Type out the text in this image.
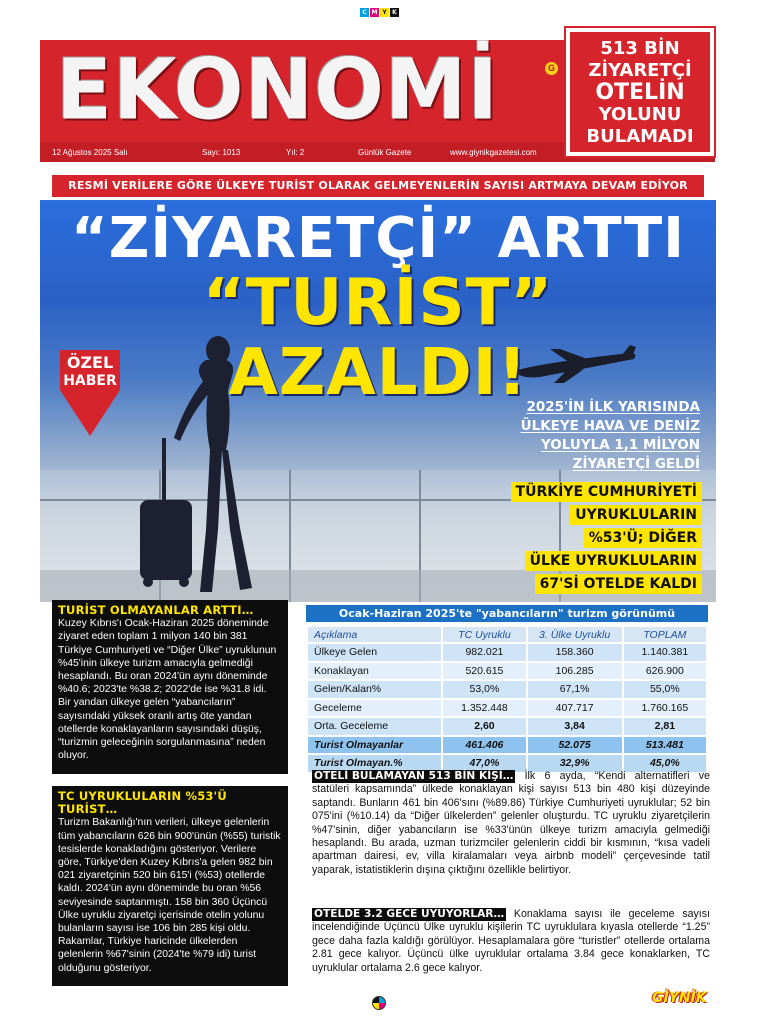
C M Y K
EKONOMİ	G
12 Ağustos 2025 Salı	Sayı: 1013	Yıl: 2	Günlük Gazete	www.giynikgazetesi.com
513 BİN
ZİYARETÇİ
OTELİN
YOLUNU
BULAMADI
RESMİ VERİLERE GÖRE ÜLKEYE TURİST OLARAK GELMEYENLERİN SAYISI ARTMAYA DEVAM EDİYOR
“ZİYARETÇİ” ARTTI
“TURİST” AZALDI!
ÖZEL
HABER
2025'İN İLK YARISINDA
ÜLKEYE HAVA VE DENİZ
YOLUYLA 1,1 MİLYON
ZİYARETÇİ GELDİ
TÜRKİYE CUMHURİYETİ
UYRUKLULARIN
%53'Ü; DİĞER
ÜLKE UYRUKLULARIN
67'Sİ OTELDE KALDI
TURİST OLMAYANLAR ARTTI…
Kuzey Kıbrıs'ı Ocak-Haziran 2025 döneminde ziyaret eden toplam 1 milyon 140 bin 381 Türkiye Cumhuriyeti ve “Diğer Ülke” uyruklunun %45'inin ülkeye turizm amacıyla gelmediği hesaplandı. Bu oran 2024'ün aynı döneminde %40.6; 2023'te %38.2; 2022'de ise %31.8 idi. Bir yandan ülkeye gelen “yabancıların” sayısındaki yüksek oranlı artış öte yandan otellerde konaklayanların sayısındaki düşüş, “turizmin geleceğinin sorgulanmasına” neden oluyor.
TC UYRUKLULARIN %53'Ü TURİST…
Turizm Bakanlığı'nın verileri, ülkeye gelenlerin tüm yabancıların 626 bin 900'ünün (%55) turistik tesislerde konakladığını gösteriyor. Verilere göre, Türkiye'den Kuzey Kıbrıs'a gelen 982 bin 021 ziyaretçinin 520 bin 615'i (%53) otellerde kaldı. 2024'ün aynı döneminde bu oran %56 seviyesinde saptanmıştı. 158 bin 360 Üçüncü Ülke uyruklu ziyaretçi içerisinde otelin yolunu bulanların sayısı ise 106 bin 285 kişi oldu. Rakamlar, Türkiye haricinde ülkelerden gelenlerin %67'sinin (2024'te %79 idi) turist olduğunu gösteriyor.
Ocak-Haziran 2025'te "yabancıların" turizm görünümü
Açıklama	TC Uyruklu	3. Ülke Uyruklu	TOPLAM
Ülkeye Gelen	982.021	158.360	1.140.381
Konaklayan	520.615	106.285	626.900
Gelen/Kalan%	53,0%	67,1%	55,0%
Geceleme	1.352.448	407.717	1.760.165
Orta. Geceleme	2,60	3,84	2,81
Turist Olmayanlar	461.406	52.075	513.481
Turist Olmayan.%	47,0%	32,9%	45,0%
OTELİ BULAMAYAN 513 BİN KİŞİ… İlk 6 ayda, “Kendi alternatifleri ve statüleri kapsamında” ülkede konaklayan kişi sayısı 513 bin 480 kişi düzeyinde saptandı. Bunların 461 bin 406'sını (%89.86) Türkiye Cumhuriyeti uyruklular; 52 bin 075'ini (%10.14) da “Diğer ülkelerden” gelenler oluşturdu. TC uyruklu ziyaretçilerin %47'sinin, diğer yabancıların ise %33'ünün ülkeye turizm amacıyla gelmediği hesaplandı. Bu arada, uzman turizmciler gelenlerin ciddi bir kısmının, “kısa vadeli apartman dairesi, ev, villa kiralamaları veya airbnb modeli” çerçevesinde tatil yaparak, istatistiklerin dışına çıktığını özellikle belirtiyor.
OTELDE 3.2 GECE UYUYORLAR… Konaklama sayısı ile geceleme sayısı incelendiğinde Üçüncü Ülke uyruklu kişilerin TC uyruklulara kıyasla otellerde “1.25” gece daha fazla kaldığı görülüyor. Hesaplamalara göre “turistler” otellerde ortalama 2.81 gece kalıyor. Üçüncü ülke uyruklular ortalama 3.84 gece konaklarken, TC uyruklular ortalama 2.6 gece kalıyor.
GİYNİK
